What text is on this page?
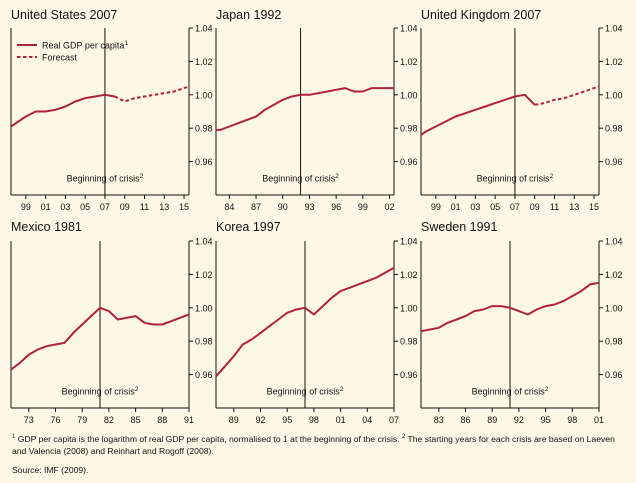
United States 2007
0.96
0.98
1.00
1.02
1.04
99 01 03 05 07 09 11 13 15
Beginning of crisis$^2$
Real GDP per capita$^1$
Forecast
Japan 1992
0.96
0.98
1.00
1.02
1.04
84 87 90 93 96 99 02
Beginning of crisis$^2$
United Kingdom 2007
0.96
0.98
1.00
1.02
1.04
99 01 03 05 07 09 11 13 15
Beginning of crisis$^2$
Mexico 1981
0.96
0.98
1.00
1.02
1.04
73 76 79 82 85 88 91
Beginning of crisis$^2$
Korea 1997
0.96
0.98
1.00
1.02
1.04
89 92 95 98 01 04 07
Beginning of crisis$^2$
Sweden 1991
0.96
0.98
1.00
1.02
1.04
83 86 89 92 95 98 01
Beginning of crisis$^2$
$^1$ GDP per capita is the logarithm of real GDP per capita, normalised to 1 at the beginning of the crisis. $^2$ The starting years for each crisis are based on Laeven and Valencia (2008) and Reinhart and Rogoff (2008).
Source: IMF (2009).
